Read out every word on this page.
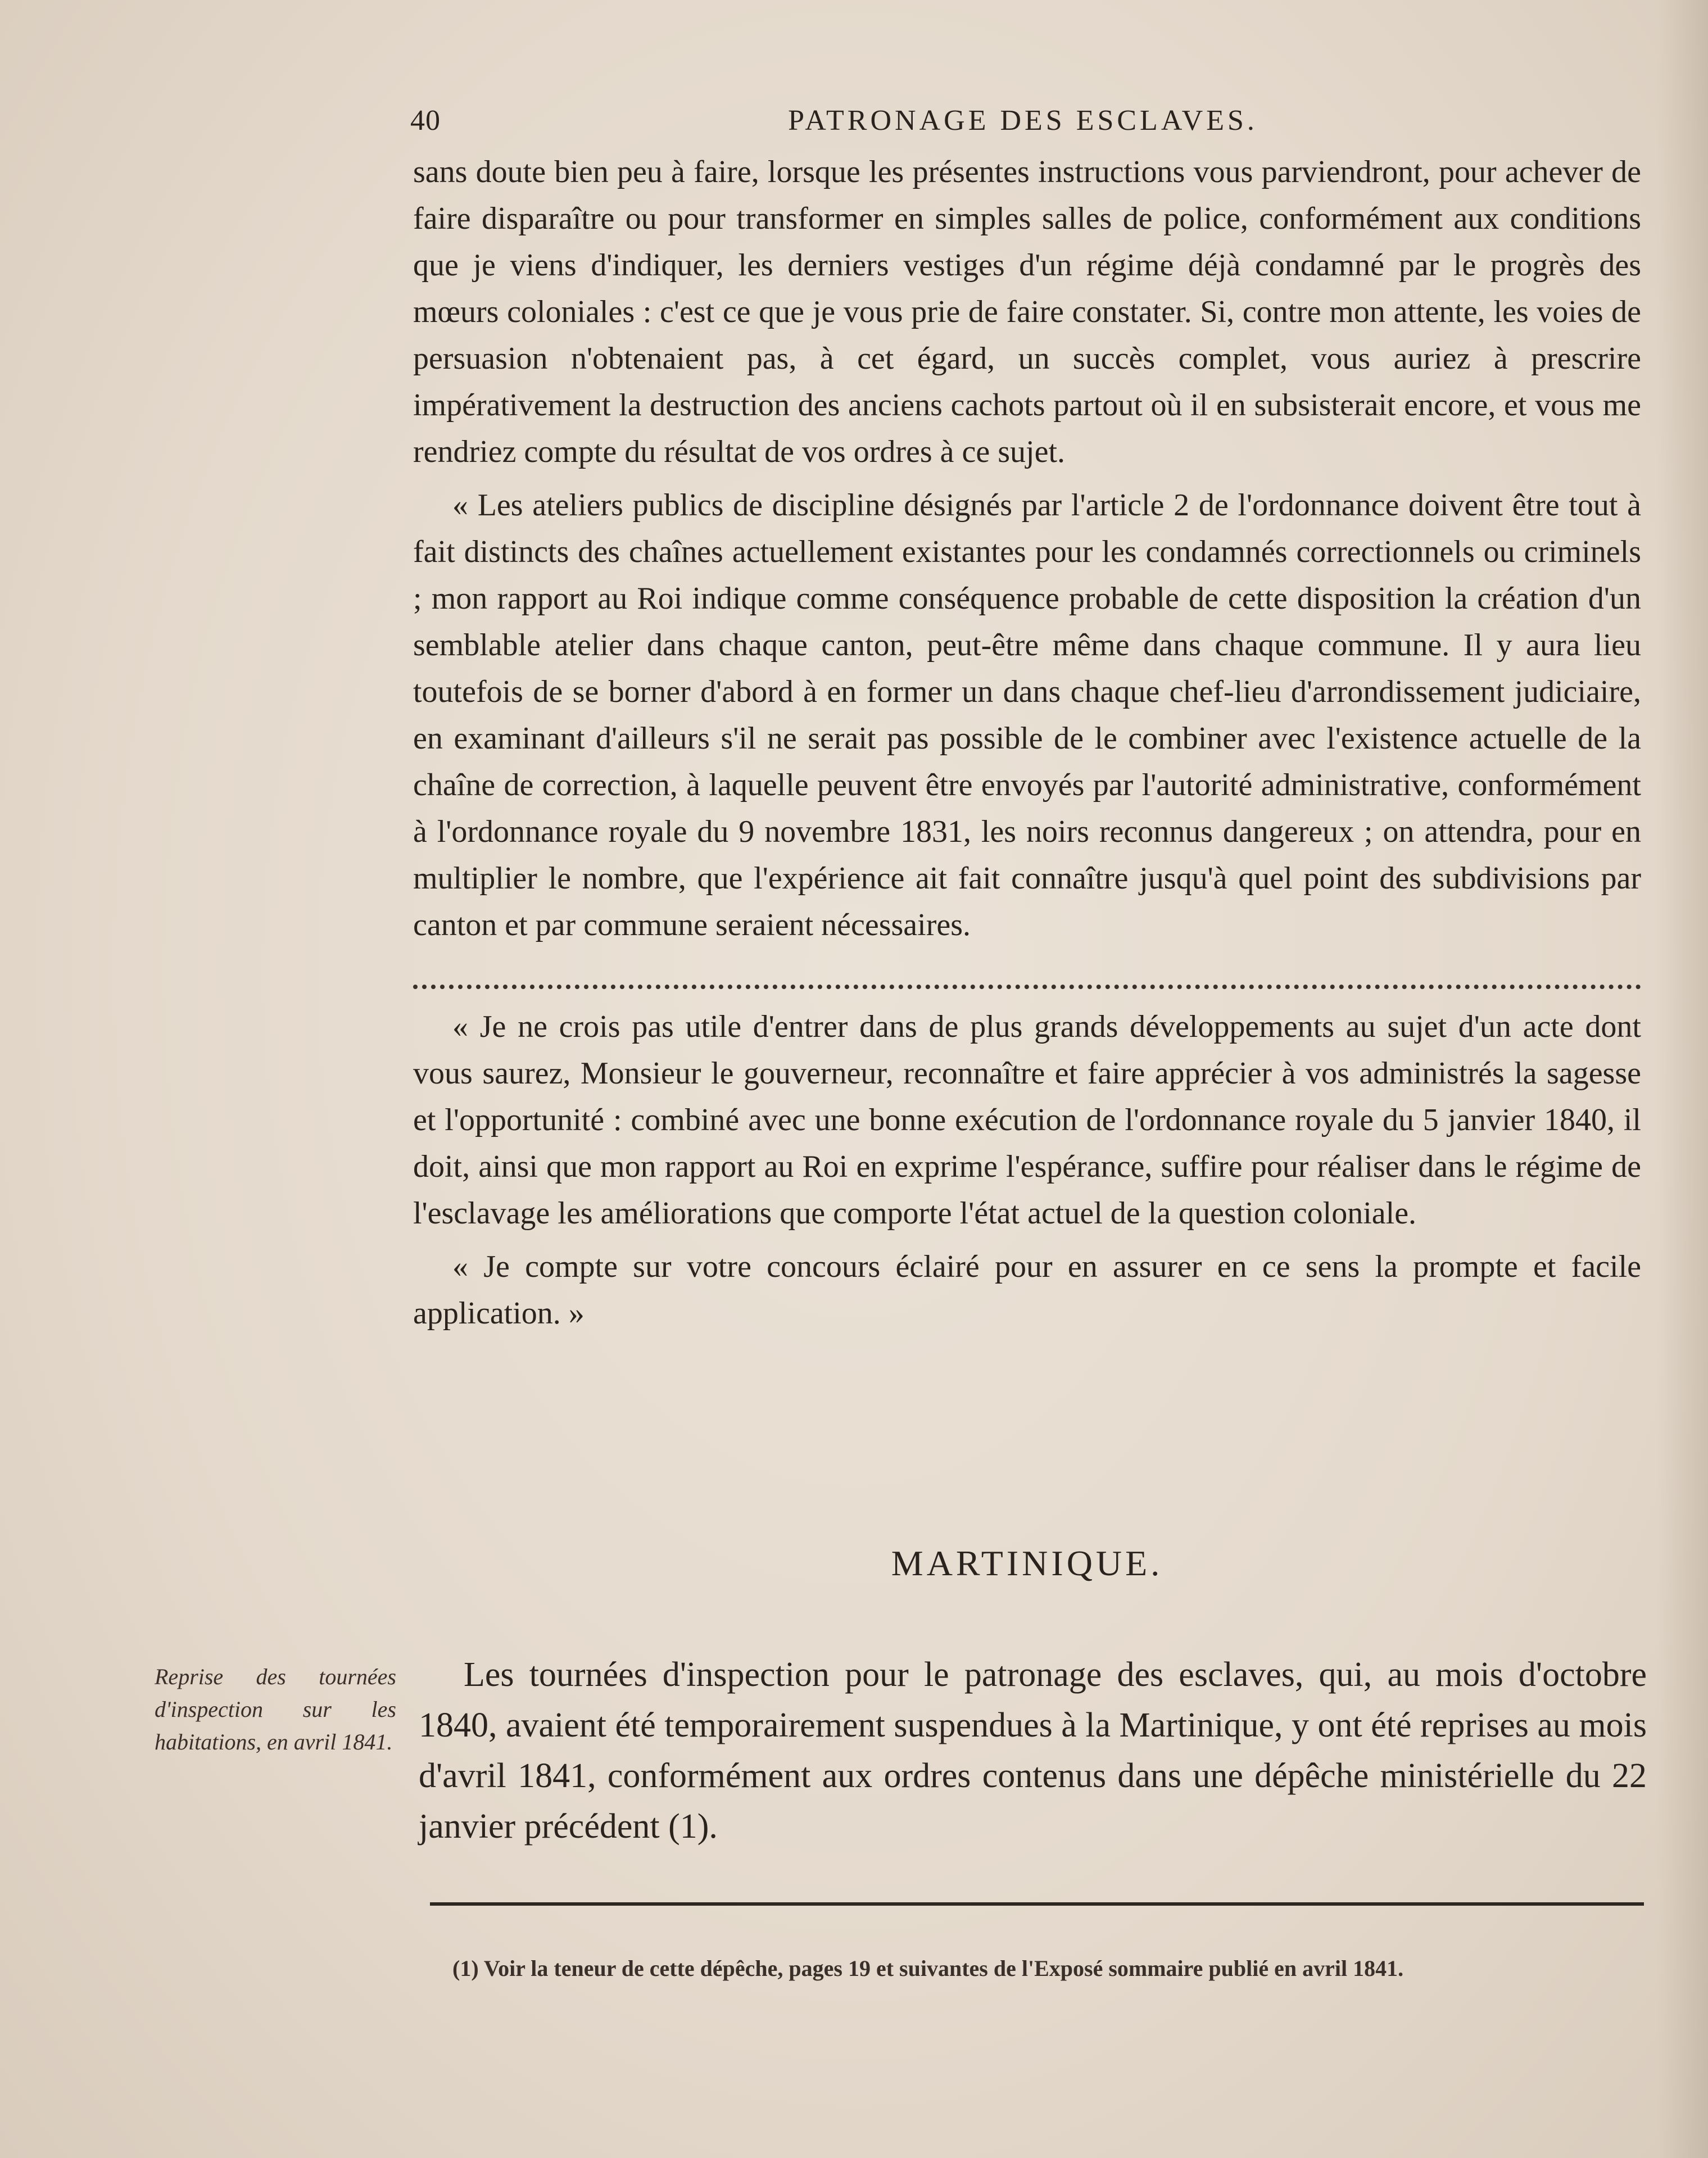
40	PATRONAGE DES ESCLAVES.

sans doute bien peu à faire, lorsque les présentes instructions vous parviendront, pour achever de faire disparaître ou pour transformer en simples salles de police, conformément aux conditions que je viens d'indiquer, les derniers vestiges d'un régime déjà condamné par le progrès des mœurs coloniales : c'est ce que je vous prie de faire constater. Si, contre mon attente, les voies de persuasion n'obtenaient pas, à cet égard, un succès complet, vous auriez à prescrire impérativement la destruction des anciens cachots partout où il en subsisterait encore, et vous me rendriez compte du résultat de vos ordres à ce sujet.

« Les ateliers publics de discipline désignés par l'article 2 de l'ordonnance doivent être tout à fait distincts des chaînes actuellement existantes pour les condamnés correctionnels ou criminels ; mon rapport au Roi indique comme conséquence probable de cette disposition la création d'un semblable atelier dans chaque canton, peut-être même dans chaque commune. Il y aura lieu toutefois de se borner d'abord à en former un dans chaque chef-lieu d'arrondissement judiciaire, en examinant d'ailleurs s'il ne serait pas possible de le combiner avec l'existence actuelle de la chaîne de correction, à laquelle peuvent être envoyés par l'autorité administrative, conformément à l'ordonnance royale du 9 novembre 1831, les noirs reconnus dangereux ; on attendra, pour en multiplier le nombre, que l'expérience ait fait connaître jusqu'à quel point des subdivisions par canton et par commune seraient nécessaires.

« Je ne crois pas utile d'entrer dans de plus grands développements au sujet d'un acte dont vous saurez, Monsieur le gouverneur, reconnaître et faire apprécier à vos administrés la sagesse et l'opportunité : combiné avec une bonne exécution de l'ordonnance royale du 5 janvier 1840, il doit, ainsi que mon rapport au Roi en exprime l'espérance, suffire pour réaliser dans le régime de l'esclavage les améliorations que comporte l'état actuel de la question coloniale.

« Je compte sur votre concours éclairé pour en assurer en ce sens la prompte et facile application. »

MARTINIQUE.
Reprise des tournées d'inspection sur les habitations, en avril 1841.

Les tournées d'inspection pour le patronage des esclaves, qui, au mois d'octobre 1840, avaient été temporairement suspendues à la Martinique, y ont été reprises au mois d'avril 1841, conformément aux ordres contenus dans une dépêche ministérielle du 22 janvier précédent (1).

(1) Voir la teneur de cette dépêche, pages 19 et suivantes de l'Exposé sommaire publié en avril 1841.
